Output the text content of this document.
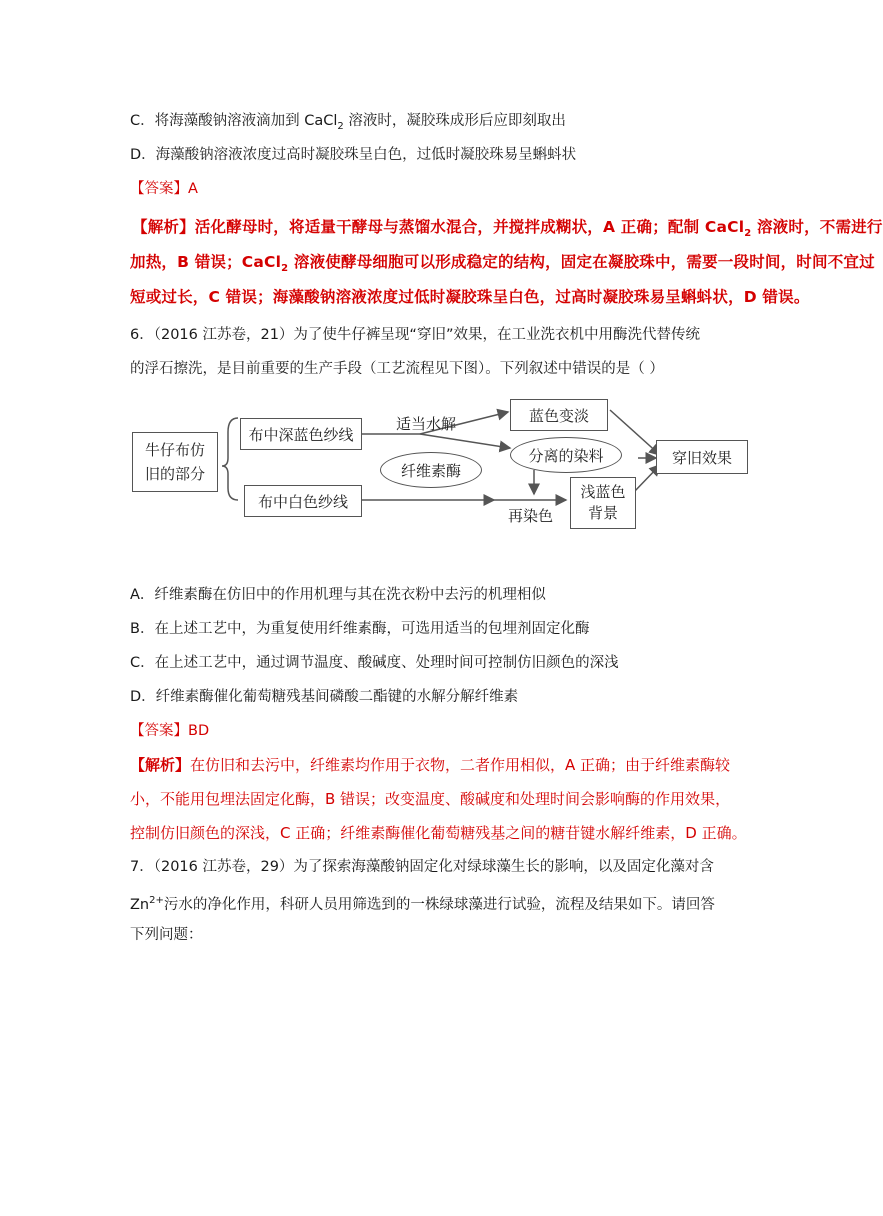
C．将海藻酸钠溶液滴加到 CaCl$_2$ 溶液时，凝胶珠成形后应即刻取出
D．海藻酸钠溶液浓度过高时凝胶珠呈白色，过低时凝胶珠易呈蝌蚪状
【答案】A
【解析】活化酵母时，将适量干酵母与蒸馏水混合，并搅拌成糊状，A 正确；配制 CaCl$_2$ 溶液时，不需进行
加热，B 错误；CaCl$_2$ 溶液使酵母细胞可以形成稳定的结构，固定在凝胶珠中，需要一段时间，时间不宜过
短或过长，C 错误；海藻酸钠溶液浓度过低时凝胶珠呈白色，过高时凝胶珠易呈蝌蚪状，D 错误。
6．（2016 江苏卷，21）为了使牛仔裤呈现“穿旧”效果，在工业洗衣机中用酶洗代替传统
的浮石擦洗，是目前重要的生产手段（工艺流程见下图）。下列叙述中错误的是（ ）
牛仔布仿
旧的部分
布中深蓝色纱线
布中白色纱线
适当水解
纤维素酶
蓝色变淡
分离的染料
再染色
浅蓝色
背景
穿旧效果
A．纤维素酶在仿旧中的作用机理与其在洗衣粉中去污的机理相似
B．在上述工艺中，为重复使用纤维素酶，可选用适当的包埋剂固定化酶
C．在上述工艺中，通过调节温度、酸碱度、处理时间可控制仿旧颜色的深浅
D．纤维素酶催化葡萄糖残基间磷酸二酯键的水解分解纤维素
【答案】BD
【解析】在仿旧和去污中，纤维素均作用于衣物，二者作用相似，A 正确；由于纤维素酶较
小，不能用包埋法固定化酶，B 错误；改变温度、酸碱度和处理时间会影响酶的作用效果，
控制仿旧颜色的深浅，C 正确；纤维素酶催化葡萄糖残基之间的糖苷键水解纤维素，D 正确。
7．（2016 江苏卷，29）为了探索海藻酸钠固定化对绿球藻生长的影响，以及固定化藻对含
$Zn^{2+}$污水的净化作用，科研人员用筛选到的一株绿球藻进行试验，流程及结果如下。请回答
下列问题：
